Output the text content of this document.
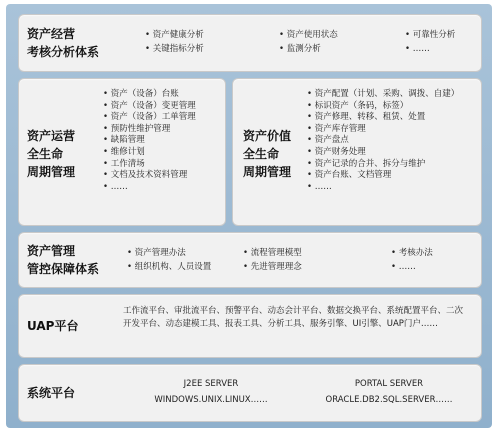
资产经营
考核分析体系
• 资产健康分析
• 关键指标分析
• 资产使用状态
• 监测分析
• 可靠性分析
• ……
资产运营
全生命
周期管理
• 资产（设备）台账
• 资产（设备）变更管理
• 资产（设备）工单管理
• 预防性维护管理
• 缺陷管理
• 维修计划
• 工作清场
• 文档及技术资料管理
• ……
资产价值
全生命
周期管理
• 资产配置（计划、采购、调拨、自建）
• 标识资产（条码，标签）
• 资产修理、转移、租赁、处置
• 资产库存管理
• 资产盘点
• 资产财务处理
• 资产记录的合并、拆分与维护
• 资产台账、文档管理
• ……
资产管理
管控保障体系
• 资产管理办法
• 组织机构、人员设置
• 流程管理模型
• 先进管理理念
• 考核办法
• ……
UAP平台
工作流平台、审批流平台、预警平台、动态会计平台、数据交换平台、系统配置平台、二次开发平台、动态建模工具、报表工具、分析工具、服务引擎、UI引擎、UAP门户……
系统平台
J2EE SERVER
WINDOWS.UNIX.LINUX……
PORTAL SERVER
ORACLE.DB2.SQL.SERVER……
